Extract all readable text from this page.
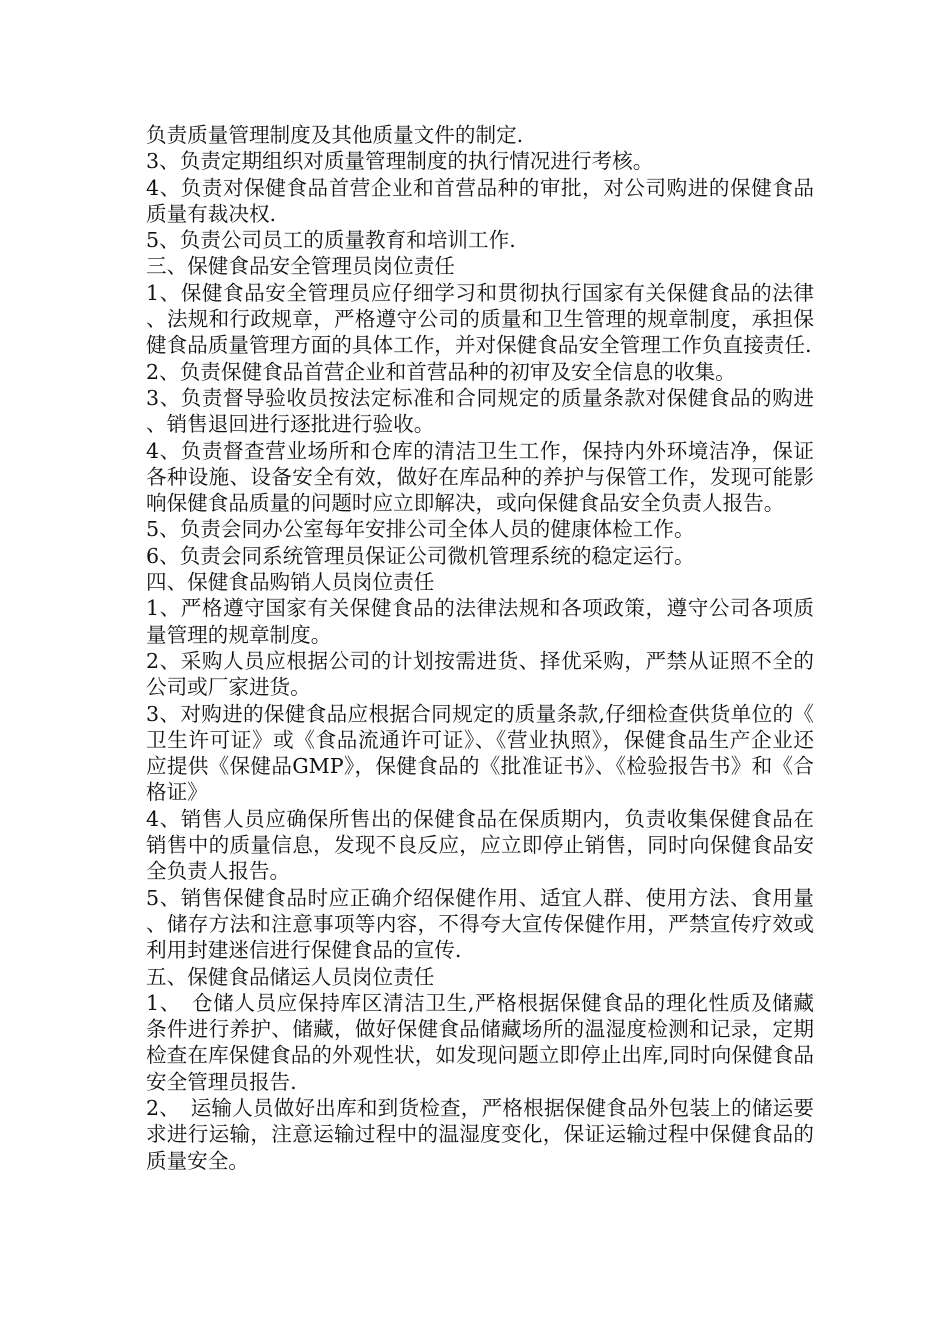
负责质量管理制度及其他质量文件的制定.

3、负责定期组织对质量管理制度的执行情况进行考核。

4、负责对保健食品首营企业和首营品种的审批，对公司购进的保健食品质量有裁决权.

5、负责公司员工的质量教育和培训工作.

三、保健食品安全管理员岗位责任

1、保健食品安全管理员应仔细学习和贯彻执行国家有关保健食品的法律、法规和行政规章，严格遵守公司的质量和卫生管理的规章制度，承担保健食品质量管理方面的具体工作，并对保健食品安全管理工作负直接责任.

2、负责保健食品首营企业和首营品种的初审及安全信息的收集。

3、负责督导验收员按法定标准和合同规定的质量条款对保健食品的购进、销售退回进行逐批进行验收。

4、负责督查营业场所和仓库的清洁卫生工作，保持内外环境洁净，保证各种设施、设备安全有效，做好在库品种的养护与保管工作，发现可能影响保健食品质量的问题时应立即解决，或向保健食品安全负责人报告。

5、负责会同办公室每年安排公司全体人员的健康体检工作。

6、负责会同系统管理员保证公司微机管理系统的稳定运行。

四、保健食品购销人员岗位责任

1、严格遵守国家有关保健食品的法律法规和各项政策，遵守公司各项质量管理的规章制度。

2、采购人员应根据公司的计划按需进货、择优采购，严禁从证照不全的公司或厂家进货。

3、对购进的保健食品应根据合同规定的质量条款,仔细检查供货单位的《卫生许可证》或《食品流通许可证》、《营业执照》，保健食品生产企业还应提供《保健品GMP》，保健食品的《批准证书》、《检验报告书》和《合格证》

4、销售人员应确保所售出的保健食品在保质期内，负责收集保健食品在销售中的质量信息，发现不良反应，应立即停止销售，同时向保健食品安全负责人报告。

5、销售保健食品时应正确介绍保健作用、适宜人群、使用方法、食用量、储存方法和注意事项等内容，不得夸大宣传保健作用，严禁宣传疗效或利用封建迷信进行保健食品的宣传.

五、保健食品储运人员岗位责任

1、　仓储人员应保持库区清洁卫生,严格根据保健食品的理化性质及储藏条件进行养护、储藏，做好保健食品储藏场所的温湿度检测和记录，定期检查在库保健食品的外观性状，如发现问题立即停止出库,同时向保健食品安全管理员报告.

2、　运输人员做好出库和到货检查，严格根据保健食品外包装上的储运要求进行运输，注意运输过程中的温湿度变化，保证运输过程中保健食品的质量安全。
